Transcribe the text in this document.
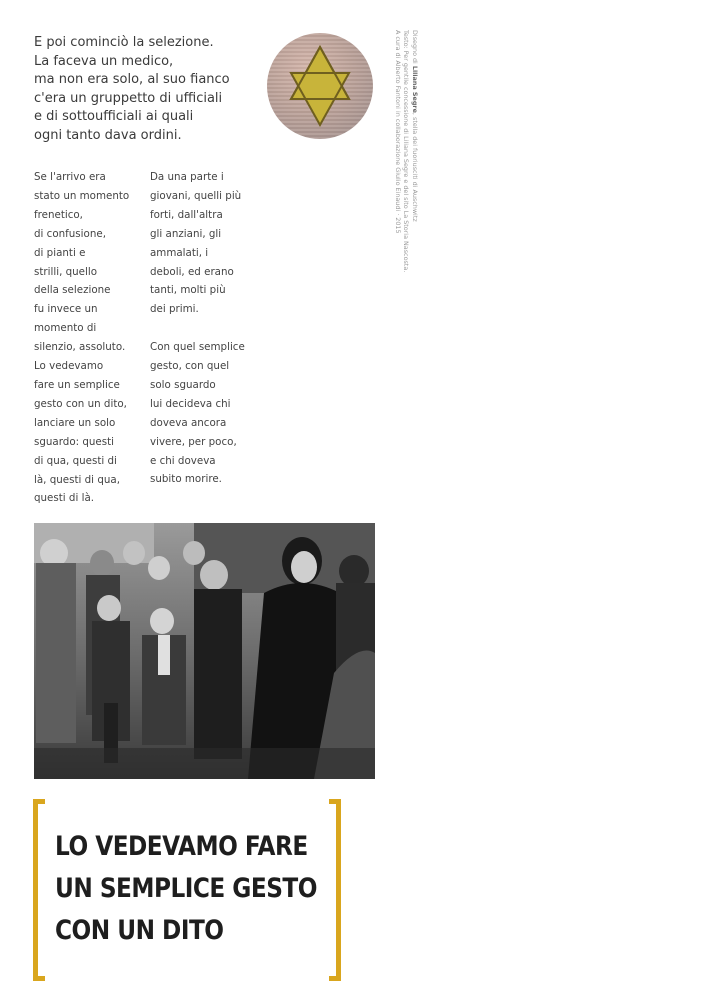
E poi cominciò la selezione.
La faceva un medico,
ma non era solo, al suo fianco
c'era un gruppetto di ufficiali
e di sottoufficiali ai quali
ogni tanto dava ordini.

Se l'arrivo era
stato un momento
frenetico,
di confusione,
di pianti e
strilli, quello
della selezione
fu invece un
momento di
silenzio, assoluto.
Lo vedevamo
fare un semplice
gesto con un dito,
lanciare un solo
sguardo: questi
di qua, questi di
là, questi di qua,
questi di là.
Da una parte i
giovani, quelli più
forti, dall'altra
gli anziani, gli
ammalati, i
deboli, ed erano
tanti, molti più
dei primi.
Con quel semplice
gesto, con quel
solo sguardo
lui decideva chi
doveva ancora
vivere, per poco,
e chi doveva
subito morire.
Disegno di Liliana Segre, stella dei fuoriusciti di Auschwitz
Testo: Per gentile concessione di Liliana Segre e del sito La Storia Nascosta.
A cura di Alberto Fantoni in collaborazione Giulio Einaudi · 2015
LO VEDEVAMO FARE
UN SEMPLICE GESTO
CON UN DITO
